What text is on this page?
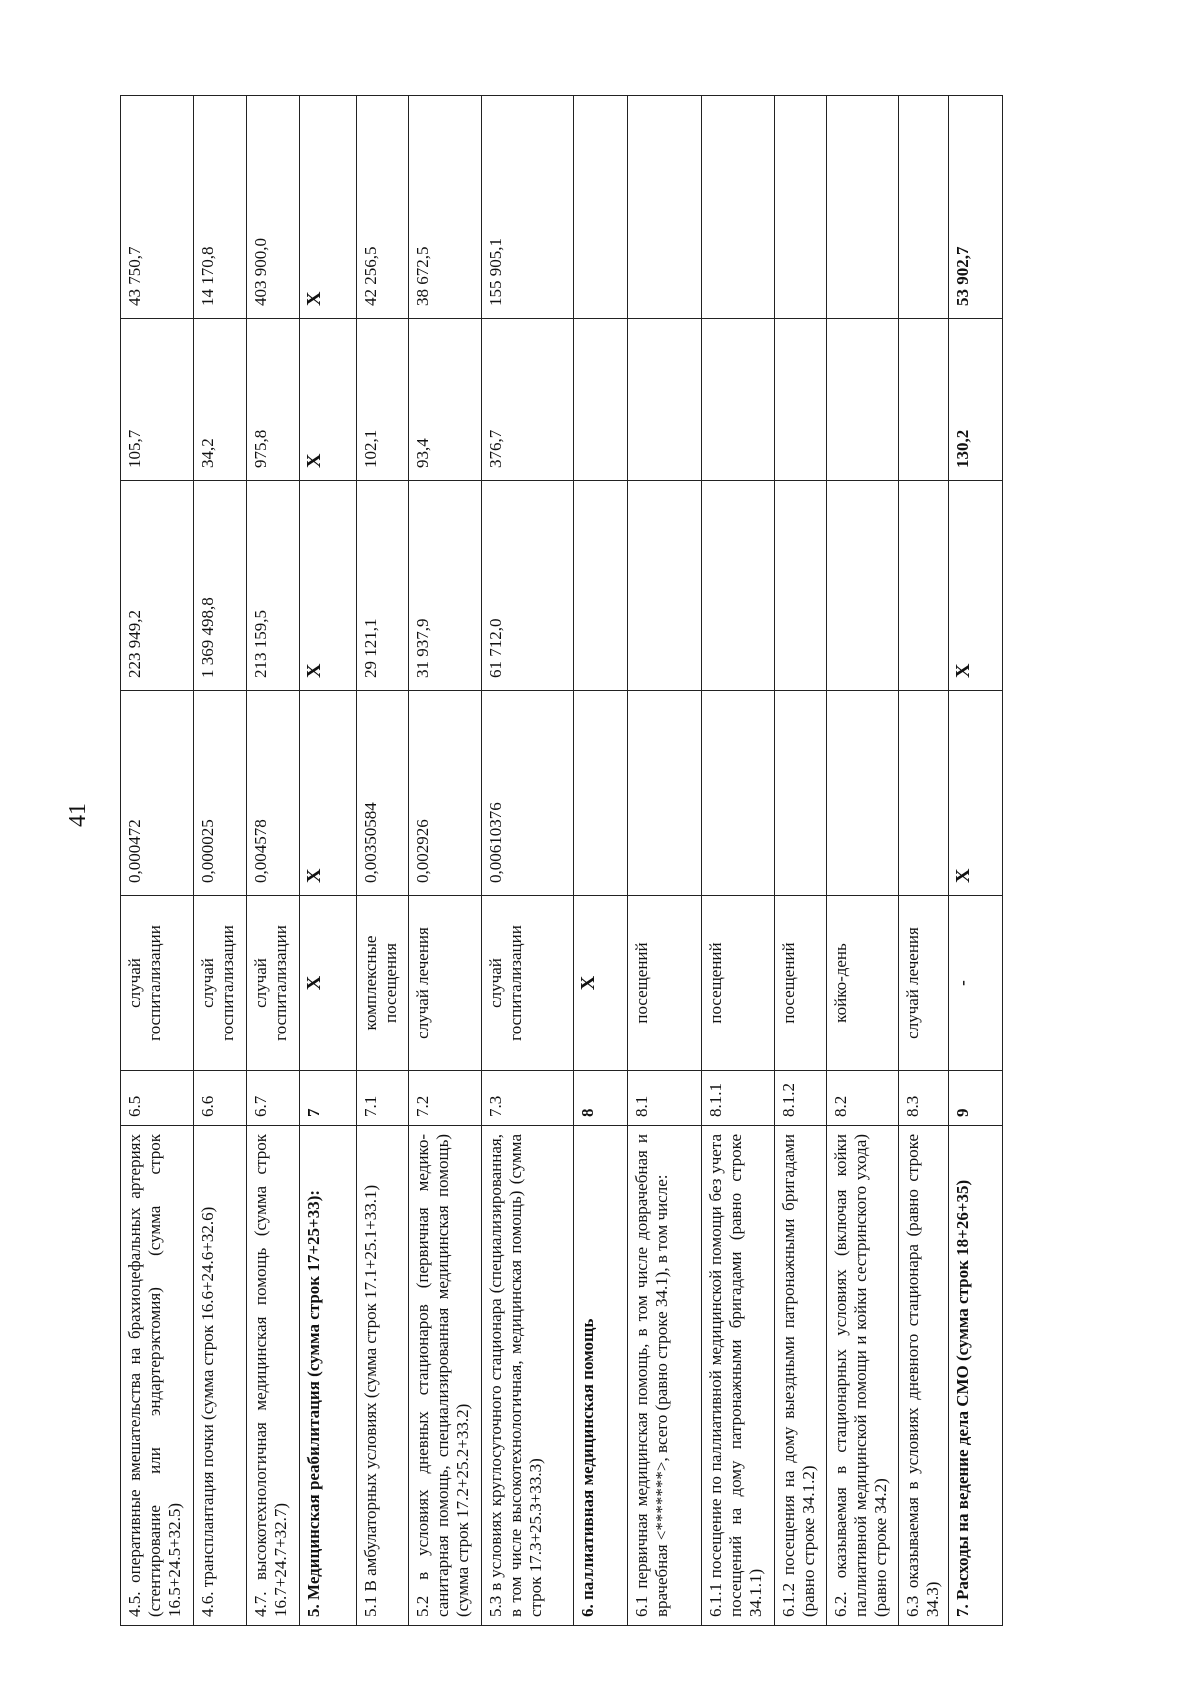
41
4.5. оперативные вмешательства на брахиоцефальных артериях (стентирование или эндартерэктомия) (сумма строк 16.5+24.5+32.5)	6.5	случай госпитализации	0,000472	223 949,2	105,7	43 750,7
4.6. трансплантация почки (сумма строк 16.6+24.6+32.6)	6.6	случай госпитализации	0,000025	1 369 498,8	34,2	14 170,8
4.7. высокотехнологичная медицинская помощь (сумма строк 16.7+24.7+32.7)	6.7	случай госпитализации	0,004578	213 159,5	975,8	403 900,0
5. Медицинская реабилитация (сумма строк 17+25+33):	7	Х	Х	Х	Х	Х
5.1 В амбулаторных условиях (сумма строк 17.1+25.1+33.1)	7.1	комплексные посещения	0,00350584	29 121,1	102,1	42 256,5
5.2 в условиях дневных стационаров (первичная медико-санитарная помощь, специализированная медицинская помощь) (сумма строк 17.2+25.2+33.2)	7.2	случай лечения	0,002926	31 937,9	93,4	38 672,5
5.3 в условиях круглосуточного стационара (специализированная, в том числе высокотехнологичная, медицинская помощь) (сумма строк 17.3+25.3+33.3)	7.3	случай госпитализации	0,00610376	61 712,0	376,7	155 905,1
6. паллиативная медицинская помощь	8	Х				
6.1 первичная медицинская помощь, в том числе доврачебная и врачебная <*******>, всего (равно строке 34.1), в том числе:	8.1	посещений				
6.1.1 посещение по паллиативной медицинской помощи без учета посещений на дому патронажными бригадами (равно строке 34.1.1)	8.1.1	посещений				
6.1.2 посещения на дому выездными патронажными бригадами (равно строке 34.1.2)	8.1.2	посещений				
6.2. оказываемая в стационарных условиях (включая койки паллиативной медицинской помощи и койки сестринского ухода) (равно строке 34.2)	8.2	койко-день				
6.3 оказываемая в условиях дневного стационара (равно строке 34.3)	8.3	случай лечения				
7. Расходы на ведение дела СМО (сумма строк 18+26+35)	9	-	Х	Х	130,2	53 902,7
